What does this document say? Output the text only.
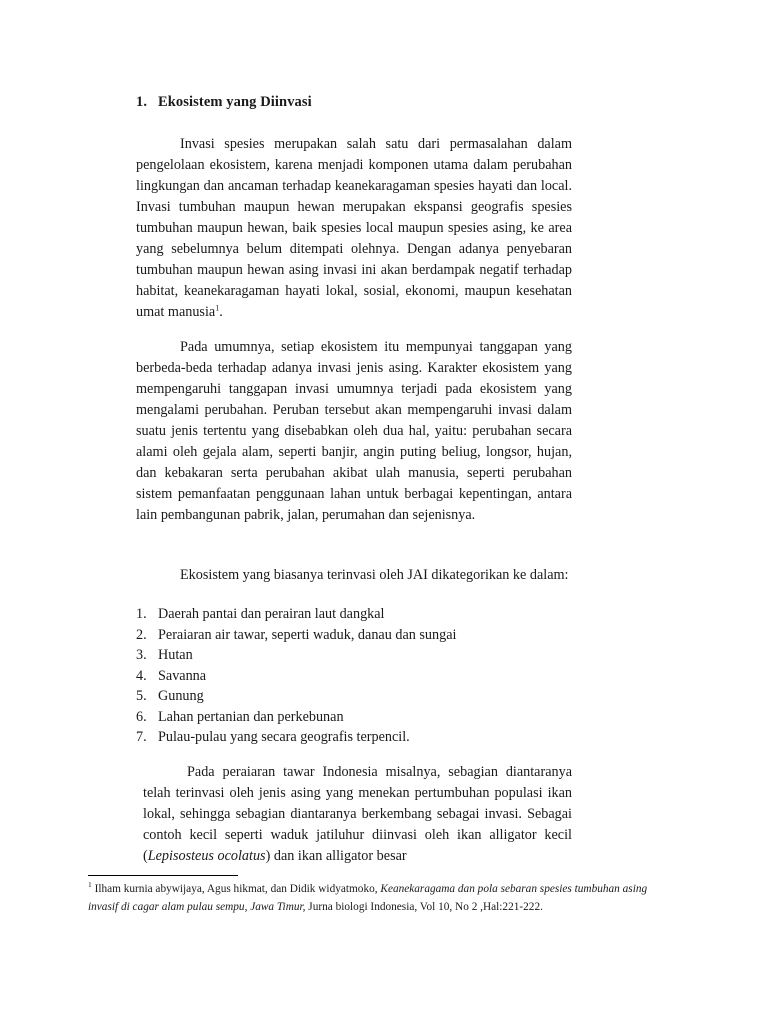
1. Ekosistem yang Diinvasi

Invasi spesies merupakan salah satu dari permasalahan dalam pengelolaan ekosistem, karena menjadi komponen utama dalam perubahan lingkungan dan ancaman terhadap keanekaragaman spesies hayati dan local. Invasi tumbuhan maupun hewan merupakan ekspansi geografis spesies tumbuhan maupun hewan, baik spesies local maupun spesies asing, ke area yang sebelumnya belum ditempati olehnya. Dengan adanya penyebaran tumbuhan maupun hewan asing invasi ini akan berdampak negatif terhadap habitat, keanekaragaman hayati lokal, sosial, ekonomi, maupun kesehatan umat manusia$^1$.

Pada umumnya, setiap ekosistem itu mempunyai tanggapan yang berbeda-beda terhadap adanya invasi jenis asing. Karakter ekosistem yang mempengaruhi tanggapan invasi umumnya terjadi pada ekosistem yang mengalami perubahan. Peruban tersebut akan mempengaruhi invasi dalam suatu jenis tertentu yang disebabkan oleh dua hal, yaitu: perubahan secara alami oleh gejala alam, seperti banjir, angin puting beliug, longsor, hujan, dan kebakaran serta perubahan akibat ulah manusia, seperti perubahan sistem pemanfaatan penggunaan lahan untuk berbagai kepentingan, antara lain pembangunan pabrik, jalan, perumahan dan sejenisnya.

Ekosistem yang biasanya terinvasi oleh JAI dikategorikan ke dalam:

1. Daerah pantai dan perairan laut dangkal
2. Peraiaran air tawar, seperti waduk, danau dan sungai
3. Hutan
4. Savanna
5. Gunung
6. Lahan pertanian dan perkebunan
7. Pulau-pulau yang secara geografis terpencil.

Pada peraiaran tawar Indonesia misalnya, sebagian diantaranya telah terinvasi oleh jenis asing yang menekan pertumbuhan populasi ikan lokal, sehingga sebagian diantaranya berkembang sebagai invasi. Sebagai contoh kecil seperti waduk jatiluhur diinvasi oleh ikan alligator kecil (Lepisosteus ocolatus) dan ikan alligator besar

$^1$ Ilham kurnia abywijaya, Agus hikmat, dan Didik widyatmoko, Keanekaragama dan pola sebaran spesies tumbuhan asing invasif di cagar alam pulau sempu, Jawa Timur, Jurna biologi Indonesia, Vol 10, No 2 ,Hal:221-222.
